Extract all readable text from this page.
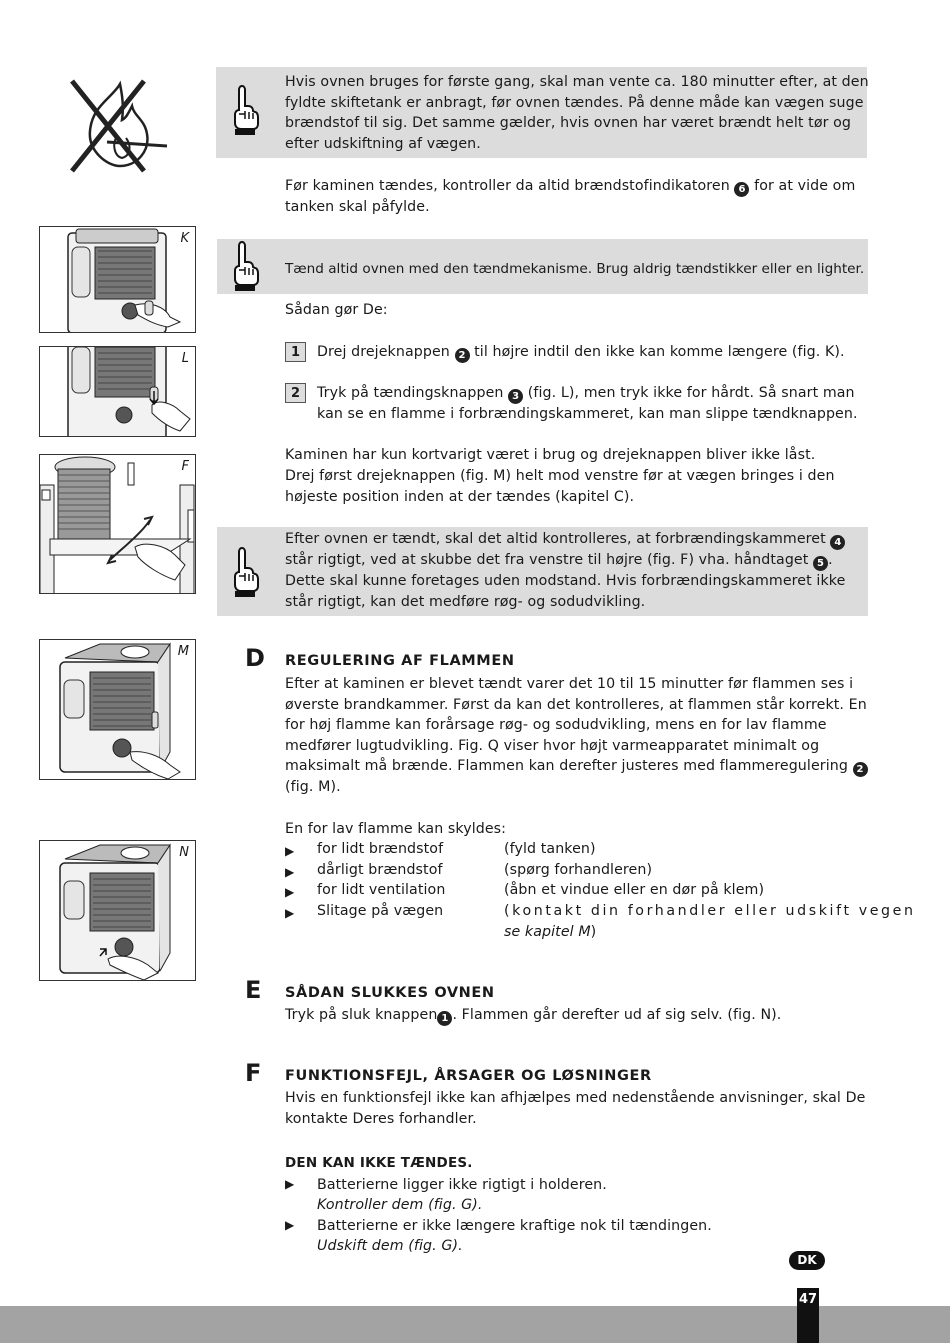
Hvis ovnen bruges for første gang, skal man vente ca. 180 minutter efter, at den fyldte skiftetank er anbragt, før ovnen tændes. På denne måde kan vægen suge brændstof til sig. Det samme gælder, hvis ovnen har været brændt helt tør og efter udskiftning af vægen.

Før kaminen tændes, kontroller da altid brændstofindikatoren 6 for at vide om tanken skal påfylde.

K

Tænd altid ovnen med den tændmekanisme. Brug aldrig tændstikker eller en lighter.

Sådan gør De:

1	Drej drejeknappen 2 til højre indtil den ikke kan komme længere (fig. K).

L
2	Tryk på tændingsknappen 3 (fig. L), men tryk ikke for hårdt. Så snart man kan se en flamme i forbrændingskammeret, kan man slippe tændknappen.

Kaminen har kun kortvarigt været i brug og drejeknappen bliver ikke låst.

Drej først drejeknappen (fig. M) helt mod venstre før at vægen bringes i den højeste position inden at der tændes (kapitel C).

F

Efter ovnen er tændt, skal det altid kontrolleres, at forbrændingskammeret 4 står rigtigt, ved at skubbe det fra venstre til højre (fig. F) vha. håndtaget 5 . Dette skal kunne foretages uden modstand. Hvis forbrændingskammeret ikke står rigtigt, kan det medføre røg- og sodudvikling.

M D REGULERING AF FLAMMEN

Efter at kaminen er blevet tændt varer det 10 til 15 minutter før flammen ses i øverste brandkammer. Først da kan det kontrolleres, at flammen står korrekt. En for høj flamme kan forårsage røg- og sodudvikling, mens en for lav flamme medfører lugtudvikling. Fig. Q viser hvor højt varmeapparatet minimalt og maksimalt må brænde. Flammen kan derefter justeres med flammeregulering 2 (fig. M).

En for lav flamme kan skyldes:

▶ for lidt brændstof	(fyld tanken)
▶ dårligt brændstof	(spørg forhandleren)
▶ for lidt ventilation	(åbn et vindue eller en dør på klem)
▶ Slitage på vægen	(kontakt din forhandler eller udskift vegen
se kapitel M)
N
E SÅDAN SLUKKES OVNEN

Tryk på sluk knappen 1 . Flammen går derefter ud af sig selv. (fig. N).

F FUNKTIONSFEJL, ÅRSAGER OG LØSNINGER

Hvis en funktionsfejl ikke kan afhjælpes med nedenstående anvisninger, skal De kontakte Deres forhandler.

DEN KAN IKKE TÆNDES.
▶ Batterierne ligger ikke rigtigt i holderen.
Kontroller dem (fig. G).
▶ Batterierne er ikke længere kraftige nok til tændingen.
Udskift dem (fig. G).
DK
47
